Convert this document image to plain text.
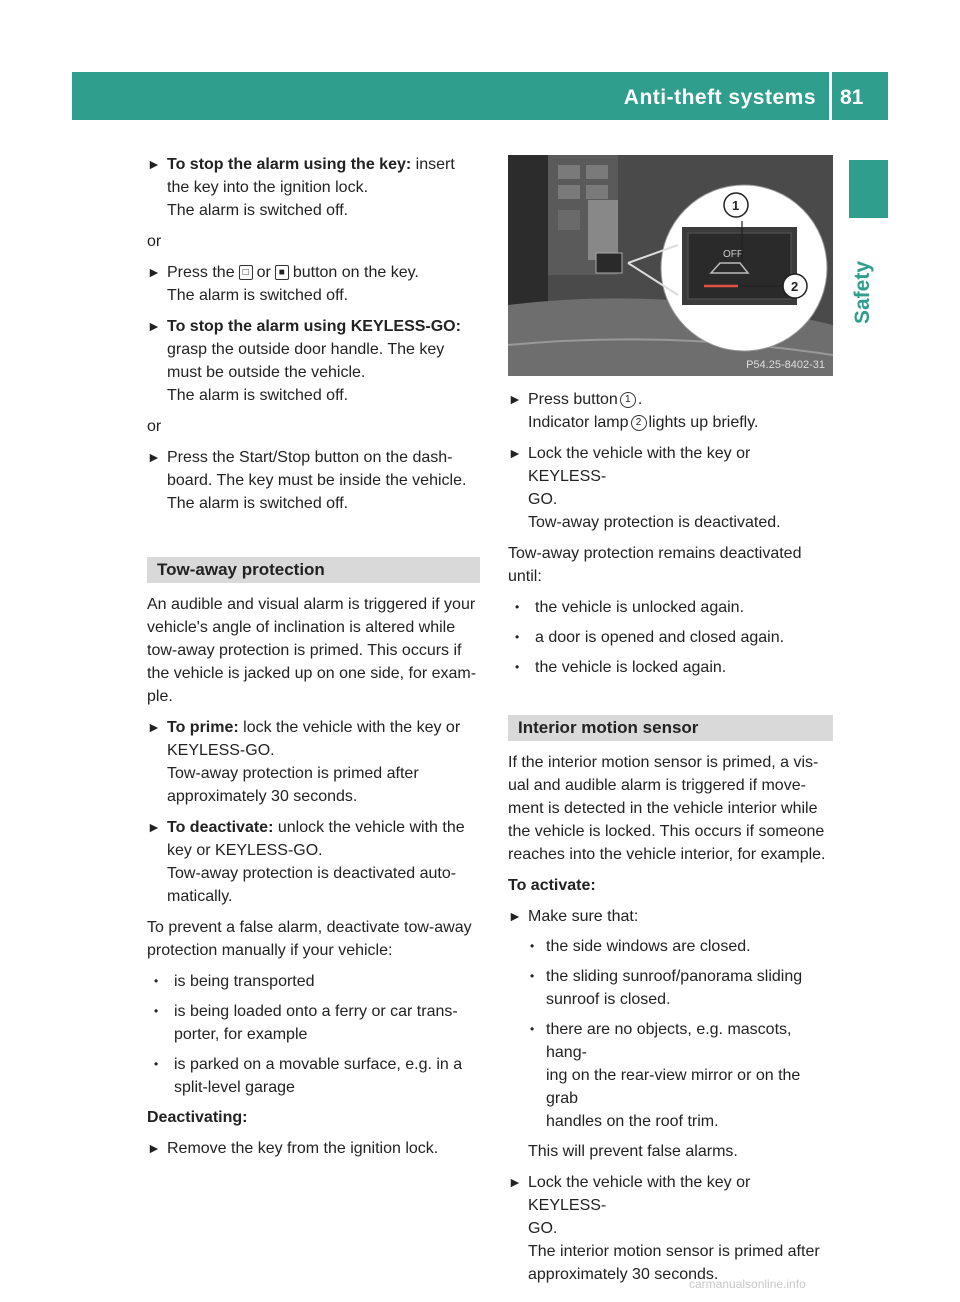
Anti-theft systems 81
Safety
► To stop the alarm using the key: insert
the key into the ignition lock.
The alarm is switched off.
or
► Press the □ or ■ button on the key.
The alarm is switched off.
► To stop the alarm using KEYLESS-GO:
grasp the outside door handle. The key
must be outside the vehicle.
The alarm is switched off.
or
► Press the Start/Stop button on the dash-
board. The key must be inside the vehicle.
The alarm is switched off.
Tow-away protection
An audible and visual alarm is triggered if your
vehicle's angle of inclination is altered while
tow-away protection is primed. This occurs if
the vehicle is jacked up on one side, for exam-
ple.
► To prime: lock the vehicle with the key or
KEYLESS-GO.
Tow-away protection is primed after
approximately 30 seconds.
► To deactivate: unlock the vehicle with the
key or KEYLESS-GO.
Tow-away protection is deactivated auto-
matically.
To prevent a false alarm, deactivate tow-away
protection manually if your vehicle:
• is being transported
• is being loaded onto a ferry or car trans-
porter, for example
• is parked on a movable surface, e.g. in a
split-level garage
Deactivating:
► Remove the key from the ignition lock.
OFF
1
2
P54.25-8402-31
► Press button 1 .
Indicator lamp 2 lights up briefly.
► Lock the vehicle with the key or KEYLESS-
GO.
Tow-away protection is deactivated.
Tow-away protection remains deactivated
until:
• the vehicle is unlocked again.
• a door is opened and closed again.
• the vehicle is locked again.
Interior motion sensor
If the interior motion sensor is primed, a vis-
ual and audible alarm is triggered if move-
ment is detected in the vehicle interior while
the vehicle is locked. This occurs if someone
reaches into the vehicle interior, for example.
To activate:
► Make sure that:
• the side windows are closed.
• the sliding sunroof/panorama sliding
sunroof is closed.
• there are no objects, e.g. mascots, hang-
ing on the rear-view mirror or on the grab
handles on the roof trim.
This will prevent false alarms.
► Lock the vehicle with the key or KEYLESS-
GO.
The interior motion sensor is primed after
approximately 30 seconds.
carmanualsonline.info
